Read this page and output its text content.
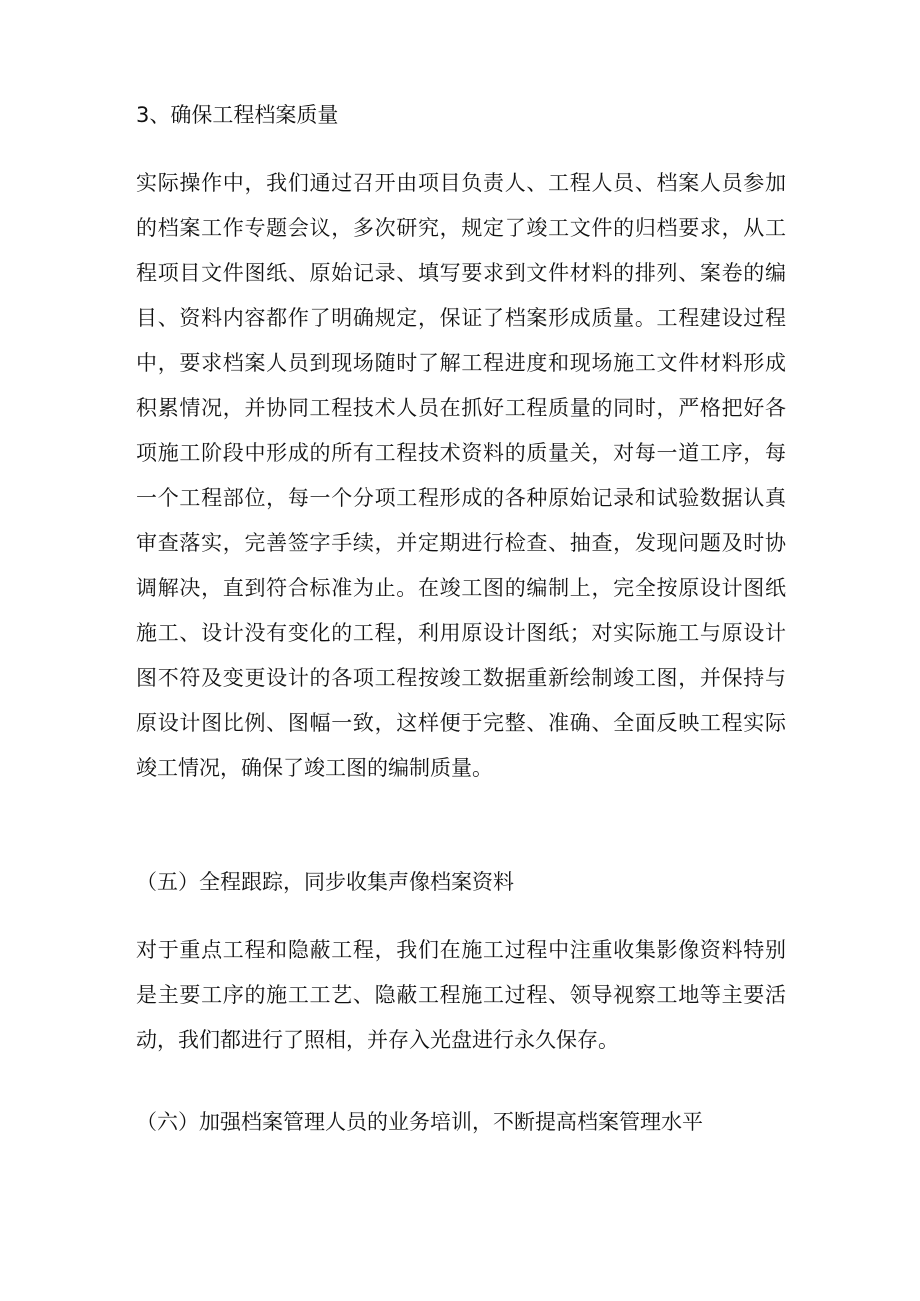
3、确保工程档案质量
实际操作中，我们通过召开由项目负责人、工程人员、档案人员参加
的档案工作专题会议，多次研究，规定了竣工文件的归档要求，从工
程项目文件图纸、原始记录、填写要求到文件材料的排列、案卷的编
目、资料内容都作了明确规定，保证了档案形成质量。工程建设过程
中，要求档案人员到现场随时了解工程进度和现场施工文件材料形成
积累情况，并协同工程技术人员在抓好工程质量的同时，严格把好各
项施工阶段中形成的所有工程技术资料的质量关，对每一道工序，每
一个工程部位，每一个分项工程形成的各种原始记录和试验数据认真
审查落实，完善签字手续，并定期进行检查、抽查，发现问题及时协
调解决，直到符合标准为止。在竣工图的编制上，完全按原设计图纸
施工、设计没有变化的工程，利用原设计图纸；对实际施工与原设计
图不符及变更设计的各项工程按竣工数据重新绘制竣工图，并保持与
原设计图比例、图幅一致，这样便于完整、准确、全面反映工程实际
竣工情况，确保了竣工图的编制质量。
（五）全程跟踪，同步收集声像档案资料
对于重点工程和隐蔽工程，我们在施工过程中注重收集影像资料特别
是主要工序的施工工艺、隐蔽工程施工过程、领导视察工地等主要活
动，我们都进行了照相，并存入光盘进行永久保存。
（六）加强档案管理人员的业务培训，不断提高档案管理水平
